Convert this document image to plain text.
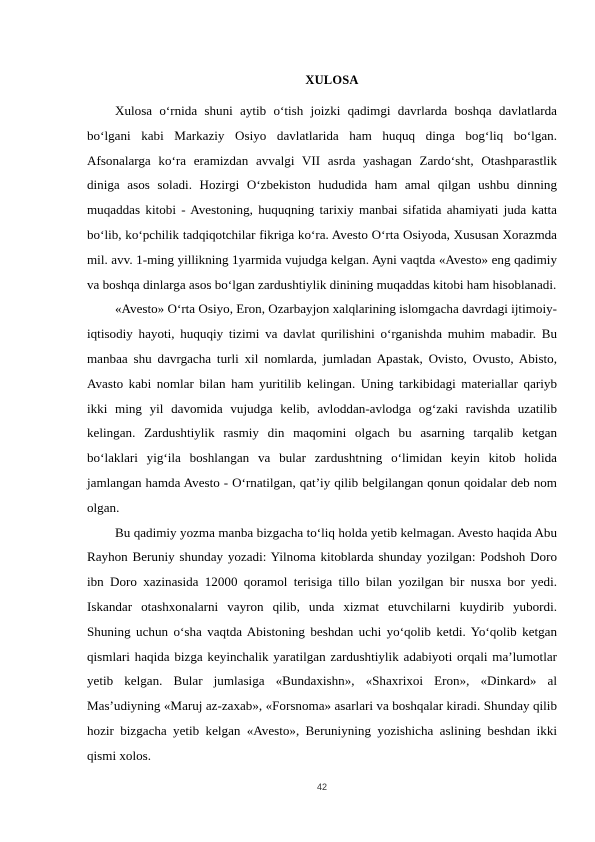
XULOSA

Xulosa o‘rnida shuni aytib o‘tish joizki qadimgi davrlarda boshqa davlatlarda bo‘lgani kabi Markaziy Osiyo davlatlarida ham huquq dinga bog‘liq bo‘lgan. Afsonalarga ko‘ra eramizdan avvalgi VII asrda yashagan Zardo‘sht, Otashparastlik diniga asos soladi. Hozirgi O‘zbekiston hududida ham amal qilgan ushbu dinning muqaddas kitobi - Avestoning, huquqning tarixiy manbai sifatida ahamiyati juda katta bo‘lib, ko‘pchilik tadqiqotchilar fikriga ko‘ra. Avesto O‘rta Osiyoda, Xususan Xorazmda mil. avv. 1-ming yillikning 1yarmida vujudga kelgan. Ayni vaqtda «Avesto» eng qadimiy va boshqa dinlarga asos bo‘lgan zardushtiylik dinining muqaddas kitobi ham hisoblanadi.

«Avesto» O‘rta Osiyo, Eron, Ozarbayjon xalqlarining islomgacha davrdagi ijtimoiy-iqtisodiy hayoti, huquqiy tizimi va davlat qurilishini o‘rganishda muhim mabadir. Bu manbaa shu davrgacha turli xil nomlarda, jumladan Apastak, Ovisto, Ovusto, Abisto, Avasto kabi nomlar bilan ham yuritilib kelingan. Uning tarkibidagi materiallar qariyb ikki ming yil davomida vujudga kelib, avloddan-avlodga og‘zaki ravishda uzatilib kelingan. Zardushtiylik rasmiy din maqomini olgach bu asarning tarqalib ketgan bo‘laklari yig‘ila boshlangan va bular zardushtning o‘limidan keyin kitob holida jamlangan hamda Avesto - O‘rnatilgan, qat’iy qilib belgilangan qonun qoidalar deb nom olgan.

Bu qadimiy yozma manba bizgacha to‘liq holda yetib kelmagan. Avesto haqida Abu Rayhon Beruniy shunday yozadi: Yilnoma kitoblarda shunday yozilgan: Podshoh Doro ibn Doro xazinasida 12000 qoramol terisiga tillo bilan yozilgan bir nusxa bor yedi. Iskandar otashxonalarni vayron qilib, unda xizmat etuvchilarni kuydirib yubordi. Shuning uchun o‘sha vaqtda Abistoning beshdan uchi yo‘qolib ketdi. Yo‘qolib ketgan qismlari haqida bizga keyinchalik yaratilgan zardushtiylik adabiyoti orqali ma’lumotlar yetib kelgan. Bular jumlasiga «Bundaxishn», «Shaxrixoi Eron», «Dinkard» al Mas’udiyning «Maruj az-zaxab», «Forsnoma» asarlari va boshqalar kiradi. Shunday qilib hozir bizgacha yetib kelgan «Avesto», Beruniyning yozishicha aslining beshdan ikki qismi xolos.

42
